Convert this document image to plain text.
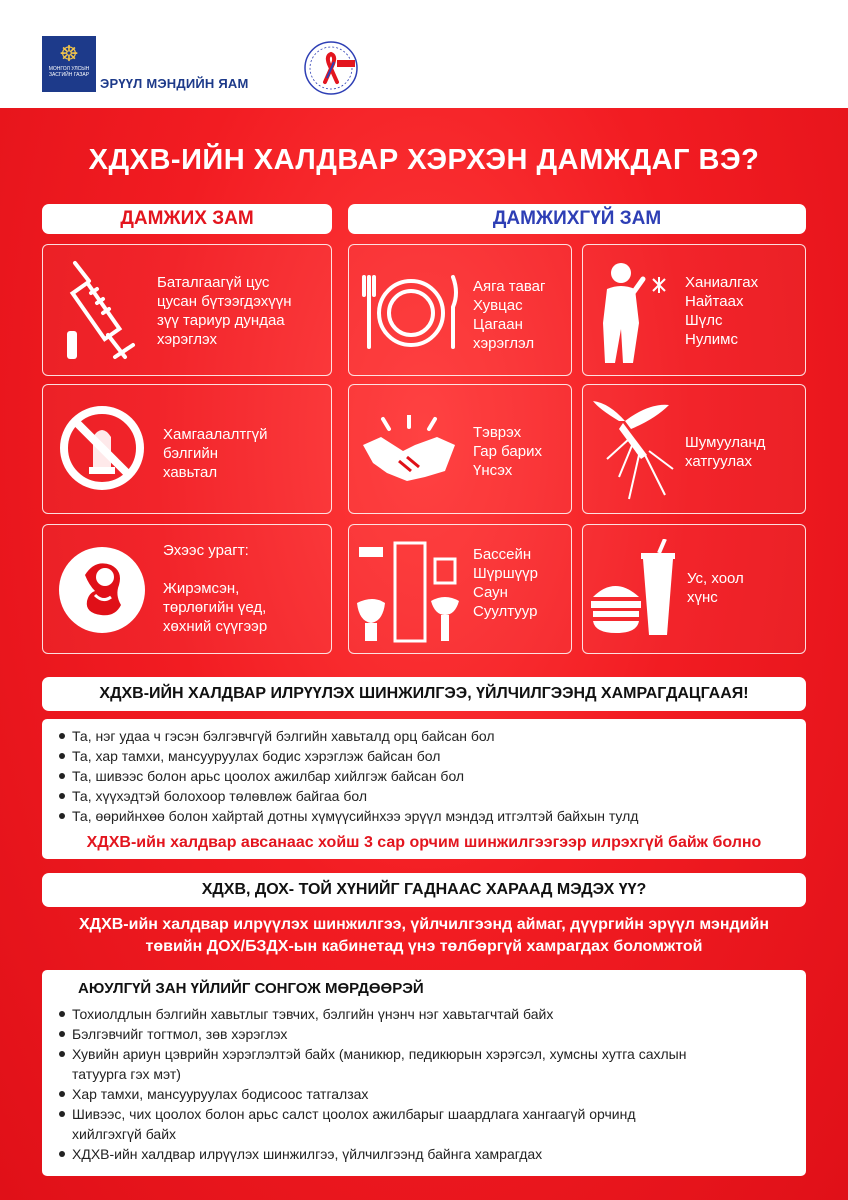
☸
МОНГОЛ УЛСЫН ЗАСГИЙН ГАЗАР
ЭРҮҮЛ МЭНДИЙН ЯАМ
ХДХВ-ИЙН ХАЛДВАР ХЭРХЭН ДАМЖДАГ ВЭ?
ДАМЖИХ ЗАМ	ДАМЖИХГҮЙ ЗАМ
Баталгаагүй цус
цусан бүтээгдэхүүн
зүү тариур дундаа
хэрэглэх
Хамгаалалтгүй
бэлгийн
хавьтал
Эхээс урагт:
Жирэмсэн,
төрлөгийн үед,
хөхний сүүгээр
Аяга таваг
Хувцас
Цагаан
хэрэглэл
Ханиалгах
Найтаах
Шүлс
Нулимс
Тэврэх
Гар барих
Үнсэх
Шумууланд
хатгуулах
Бассейн
Шүршүүр
Саун
Суултуур
Ус, хоол
хүнс
ХДХВ-ИЙН ХАЛДВАР ИЛРҮҮЛЭХ ШИНЖИЛГЭЭ, ҮЙЛЧИЛГЭЭНД ХАМРАГДАЦГААЯ!
Та, нэг удаа ч гэсэн бэлгэвчгүй бэлгийн хавьталд орц байсан бол
Та, хар тамхи, мансууруулах бодис хэрэглэж байсан бол
Та, шивээс болон арьс цоолох ажилбар хийлгэж байсан бол
Та, хүүхэдтэй болохоор төлөвлөж байгаа бол
Та, өөрийнхөө болон хайртай дотны хүмүүсийнхээ эрүүл мэндэд итгэлтэй байхын тулд
ХДХВ-ийн халдвар авсанаас хойш 3 сар орчим шинжилгээгээр илрэхгүй байж болно
ХДХВ, ДОХ- ТОЙ ХҮНИЙГ ГАДНААС ХАРААД МЭДЭХ ҮҮ?
ХДХВ-ийн халдвар илрүүлэх шинжилгээ, үйлчилгээнд аймаг, дүүргийн эрүүл мэндийн
төвийн ДОХ/БЗДХ-ын кабинетад үнэ төлбөргүй хамрагдах боломжтой
АЮУЛГҮЙ ЗАН ҮЙЛИЙГ СОНГОЖ МӨРДӨӨРЭЙ
Тохиолдлын бэлгийн хавьтлыг тэвчих, бэлгийн үнэнч нэг хавьтагчтай байх
Бэлгэвчийг тогтмол, зөв хэрэглэх
Хувийн ариун цэврийн хэрэглэлтэй байх (маникюр, педикюрын хэрэгсэл, хумсны хутга сахлын татуурга гэх мэт)
Хар тамхи, мансууруулах бодисоос татгалзах
Шивээс, чих цоолох болон арьс салст цоолох ажилбарыг шаардлага хангаагүй орчинд хийлгэхгүй байх
ХДХВ-ийн халдвар илрүүлэх шинжилгээ, үйлчилгээнд байнга хамрагдах
